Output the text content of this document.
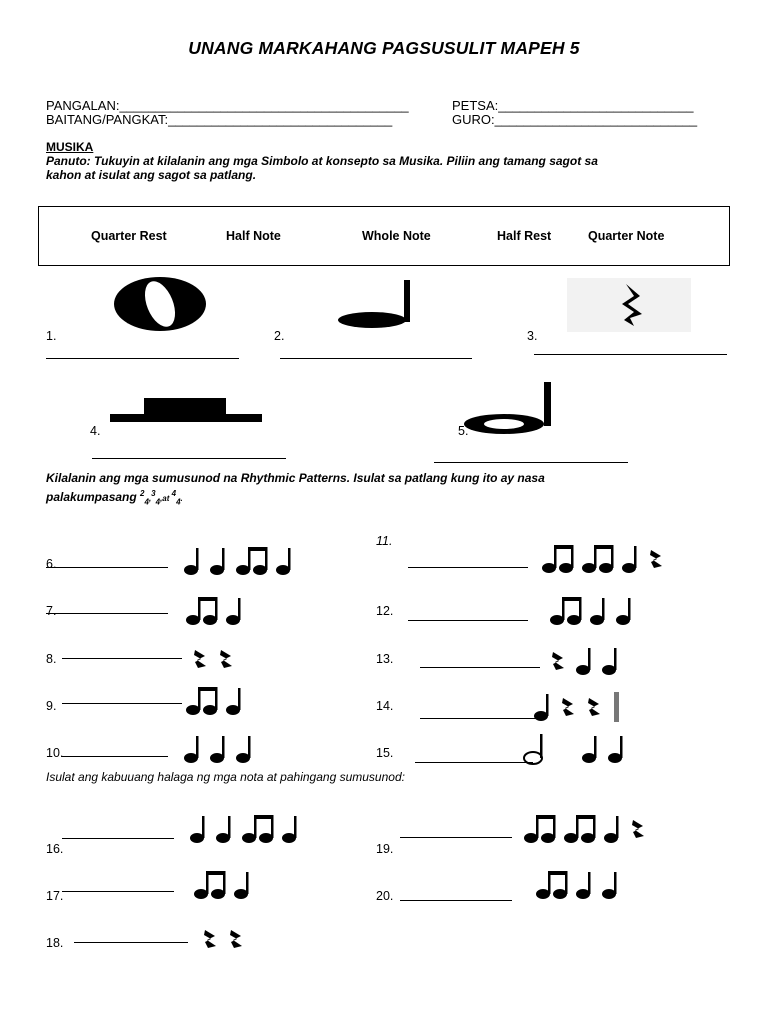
UNANG MARKAHANG PAGSUSULIT MAPEH 5
PANGALAN:________________________________________
BAITANG/PANGKAT:_______________________________
PETSA:___________________________
GURO:____________________________
MUSIKA
Panuto: Tukuyin at kilalanin ang mga Simbolo at konsepto sa Musika. Piliin ang tamang sagot sa
kahon at isulat ang sagot sa patlang.
Quarter Rest	Half Note	Whole Note	Half Rest	Quarter Note
1.	2.	3.
4.	5.
Kilalanin ang mga sumusunod na Rhythmic Patterns. Isulat sa patlang kung ito ay nasa
palakumpasang $^2_4$,$^3_4$,at $^4_4$.
6.
7.
8.
9.
10.
11.
12.
13.
14.
15.
Isulat ang kabuuang halaga ng mga nota at pahingang sumusunod:
16.
17.
18.
19.
20.
